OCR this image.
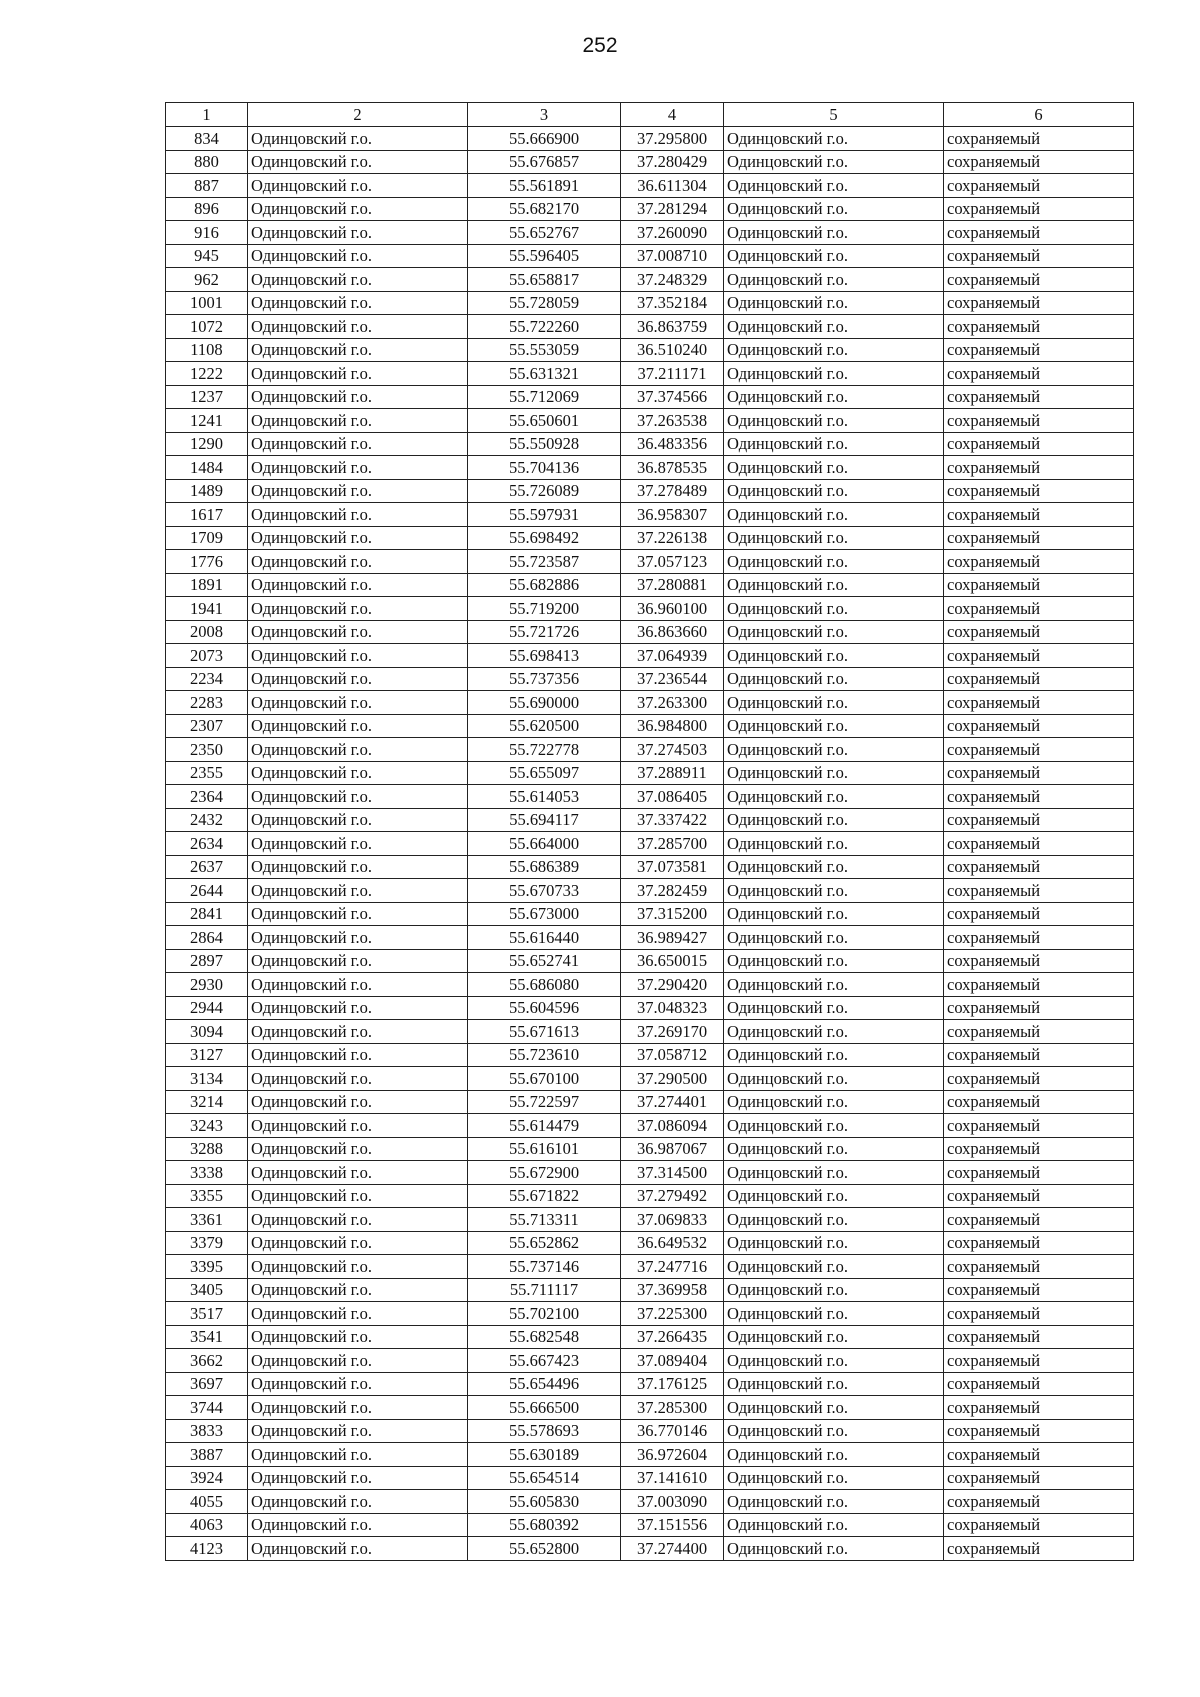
252
1	2	3	4	5	6
834	Одинцовский г.о.	55.666900	37.295800	Одинцовский г.о.	сохраняемый
880	Одинцовский г.о.	55.676857	37.280429	Одинцовский г.о.	сохраняемый
887	Одинцовский г.о.	55.561891	36.611304	Одинцовский г.о.	сохраняемый
896	Одинцовский г.о.	55.682170	37.281294	Одинцовский г.о.	сохраняемый
916	Одинцовский г.о.	55.652767	37.260090	Одинцовский г.о.	сохраняемый
945	Одинцовский г.о.	55.596405	37.008710	Одинцовский г.о.	сохраняемый
962	Одинцовский г.о.	55.658817	37.248329	Одинцовский г.о.	сохраняемый
1001	Одинцовский г.о.	55.728059	37.352184	Одинцовский г.о.	сохраняемый
1072	Одинцовский г.о.	55.722260	36.863759	Одинцовский г.о.	сохраняемый
1108	Одинцовский г.о.	55.553059	36.510240	Одинцовский г.о.	сохраняемый
1222	Одинцовский г.о.	55.631321	37.211171	Одинцовский г.о.	сохраняемый
1237	Одинцовский г.о.	55.712069	37.374566	Одинцовский г.о.	сохраняемый
1241	Одинцовский г.о.	55.650601	37.263538	Одинцовский г.о.	сохраняемый
1290	Одинцовский г.о.	55.550928	36.483356	Одинцовский г.о.	сохраняемый
1484	Одинцовский г.о.	55.704136	36.878535	Одинцовский г.о.	сохраняемый
1489	Одинцовский г.о.	55.726089	37.278489	Одинцовский г.о.	сохраняемый
1617	Одинцовский г.о.	55.597931	36.958307	Одинцовский г.о.	сохраняемый
1709	Одинцовский г.о.	55.698492	37.226138	Одинцовский г.о.	сохраняемый
1776	Одинцовский г.о.	55.723587	37.057123	Одинцовский г.о.	сохраняемый
1891	Одинцовский г.о.	55.682886	37.280881	Одинцовский г.о.	сохраняемый
1941	Одинцовский г.о.	55.719200	36.960100	Одинцовский г.о.	сохраняемый
2008	Одинцовский г.о.	55.721726	36.863660	Одинцовский г.о.	сохраняемый
2073	Одинцовский г.о.	55.698413	37.064939	Одинцовский г.о.	сохраняемый
2234	Одинцовский г.о.	55.737356	37.236544	Одинцовский г.о.	сохраняемый
2283	Одинцовский г.о.	55.690000	37.263300	Одинцовский г.о.	сохраняемый
2307	Одинцовский г.о.	55.620500	36.984800	Одинцовский г.о.	сохраняемый
2350	Одинцовский г.о.	55.722778	37.274503	Одинцовский г.о.	сохраняемый
2355	Одинцовский г.о.	55.655097	37.288911	Одинцовский г.о.	сохраняемый
2364	Одинцовский г.о.	55.614053	37.086405	Одинцовский г.о.	сохраняемый
2432	Одинцовский г.о.	55.694117	37.337422	Одинцовский г.о.	сохраняемый
2634	Одинцовский г.о.	55.664000	37.285700	Одинцовский г.о.	сохраняемый
2637	Одинцовский г.о.	55.686389	37.073581	Одинцовский г.о.	сохраняемый
2644	Одинцовский г.о.	55.670733	37.282459	Одинцовский г.о.	сохраняемый
2841	Одинцовский г.о.	55.673000	37.315200	Одинцовский г.о.	сохраняемый
2864	Одинцовский г.о.	55.616440	36.989427	Одинцовский г.о.	сохраняемый
2897	Одинцовский г.о.	55.652741	36.650015	Одинцовский г.о.	сохраняемый
2930	Одинцовский г.о.	55.686080	37.290420	Одинцовский г.о.	сохраняемый
2944	Одинцовский г.о.	55.604596	37.048323	Одинцовский г.о.	сохраняемый
3094	Одинцовский г.о.	55.671613	37.269170	Одинцовский г.о.	сохраняемый
3127	Одинцовский г.о.	55.723610	37.058712	Одинцовский г.о.	сохраняемый
3134	Одинцовский г.о.	55.670100	37.290500	Одинцовский г.о.	сохраняемый
3214	Одинцовский г.о.	55.722597	37.274401	Одинцовский г.о.	сохраняемый
3243	Одинцовский г.о.	55.614479	37.086094	Одинцовский г.о.	сохраняемый
3288	Одинцовский г.о.	55.616101	36.987067	Одинцовский г.о.	сохраняемый
3338	Одинцовский г.о.	55.672900	37.314500	Одинцовский г.о.	сохраняемый
3355	Одинцовский г.о.	55.671822	37.279492	Одинцовский г.о.	сохраняемый
3361	Одинцовский г.о.	55.713311	37.069833	Одинцовский г.о.	сохраняемый
3379	Одинцовский г.о.	55.652862	36.649532	Одинцовский г.о.	сохраняемый
3395	Одинцовский г.о.	55.737146	37.247716	Одинцовский г.о.	сохраняемый
3405	Одинцовский г.о.	55.711117	37.369958	Одинцовский г.о.	сохраняемый
3517	Одинцовский г.о.	55.702100	37.225300	Одинцовский г.о.	сохраняемый
3541	Одинцовский г.о.	55.682548	37.266435	Одинцовский г.о.	сохраняемый
3662	Одинцовский г.о.	55.667423	37.089404	Одинцовский г.о.	сохраняемый
3697	Одинцовский г.о.	55.654496	37.176125	Одинцовский г.о.	сохраняемый
3744	Одинцовский г.о.	55.666500	37.285300	Одинцовский г.о.	сохраняемый
3833	Одинцовский г.о.	55.578693	36.770146	Одинцовский г.о.	сохраняемый
3887	Одинцовский г.о.	55.630189	36.972604	Одинцовский г.о.	сохраняемый
3924	Одинцовский г.о.	55.654514	37.141610	Одинцовский г.о.	сохраняемый
4055	Одинцовский г.о.	55.605830	37.003090	Одинцовский г.о.	сохраняемый
4063	Одинцовский г.о.	55.680392	37.151556	Одинцовский г.о.	сохраняемый
4123	Одинцовский г.о.	55.652800	37.274400	Одинцовский г.о.	сохраняемый
